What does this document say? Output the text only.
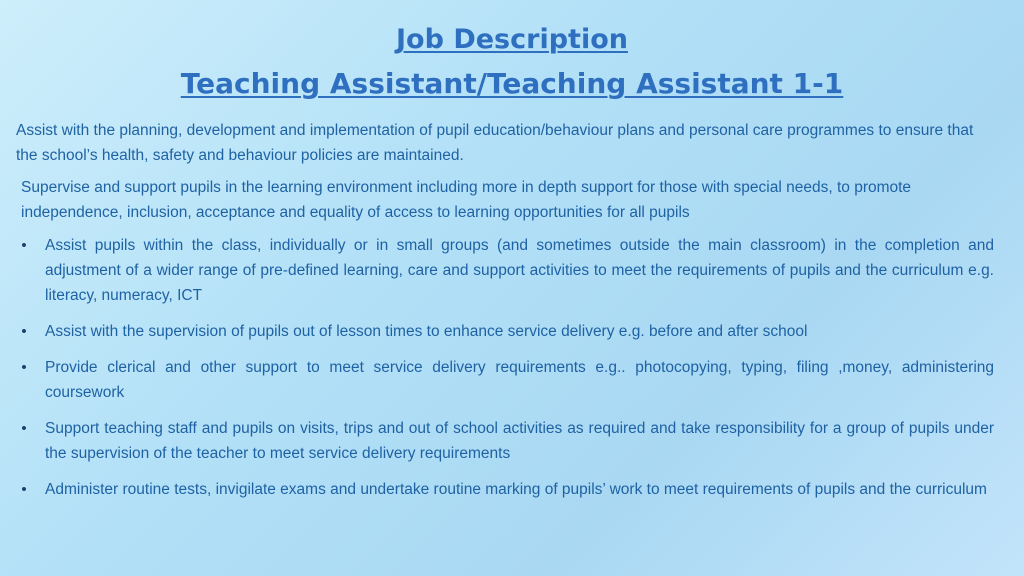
Job Description
Teaching Assistant/Teaching Assistant 1-1

Assist with the planning, development and implementation of pupil education/behaviour plans and personal care programmes to ensure that the school’s health, safety and behaviour policies are maintained.

Supervise and support pupils in the learning environment including more in depth support for those with special needs, to promote independence, inclusion, acceptance and equality of access to learning opportunities for all pupils

• Assist pupils within the class, individually or in small groups (and sometimes outside the main classroom) in the completion and adjustment of a wider range of pre-defined learning, care and support activities to meet the requirements of pupils and the curriculum e.g. literacy, numeracy, ICT
• Assist with the supervision of pupils out of lesson times to enhance service delivery e.g. before and after school
• Provide clerical and other support to meet service delivery requirements e.g.. photocopying, typing, filing ,money, administering coursework
• Support teaching staff and pupils on visits, trips and out of school activities as required and take responsibility for a group of pupils under the supervision of the teacher to meet service delivery requirements
• Administer routine tests, invigilate exams and undertake routine marking of pupils’ work to meet requirements of pupils and the curriculum
